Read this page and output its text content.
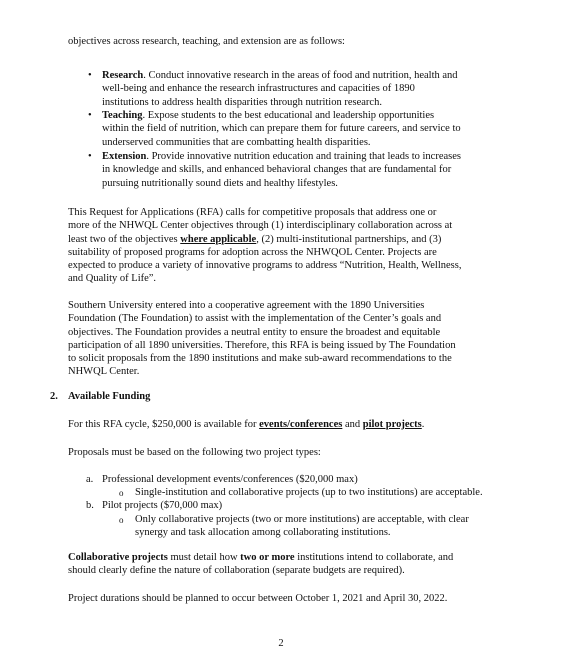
objectives across research, teaching, and extension are as follows:
• Research. Conduct innovative research in the areas of food and nutrition, health and
well-being and enhance the research infrastructures and capacities of 1890
institutions to address health disparities through nutrition research.
• Teaching. Expose students to the best educational and leadership opportunities
within the field of nutrition, which can prepare them for future careers, and service to
underserved communities that are combatting health disparities.
• Extension. Provide innovative nutrition education and training that leads to increases
in knowledge and skills, and enhanced behavioral changes that are fundamental for
pursuing nutritionally sound diets and healthy lifestyles.
This Request for Applications (RFA) calls for competitive proposals that address one or
more of the NHWQL Center objectives through (1) interdisciplinary collaboration across at
least two of the objectives where applicable, (2) multi-institutional partnerships, and (3)
suitability of proposed programs for adoption across the NHWQOL Center. Projects are
expected to produce a variety of innovative programs to address “Nutrition, Health, Wellness,
and Quality of Life”.
Southern University entered into a cooperative agreement with the 1890 Universities
Foundation (The Foundation) to assist with the implementation of the Center’s goals and
objectives. The Foundation provides a neutral entity to ensure the broadest and equitable
participation of all 1890 universities. Therefore, this RFA is being issued by The Foundation
to solicit proposals from the 1890 institutions and make sub-award recommendations to the
NHWQL Center.
2. Available Funding
For this RFA cycle, $250,000 is available for events/conferences and pilot projects.
Proposals must be based on the following two project types:
a. Professional development events/conferences ($20,000 max)
o Single-institution and collaborative projects (up to two institutions) are acceptable.
b. Pilot projects ($70,000 max)
o Only collaborative projects (two or more institutions) are acceptable, with clear
synergy and task allocation among collaborating institutions.
Collaborative projects must detail how two or more institutions intend to collaborate, and
should clearly define the nature of collaboration (separate budgets are required).
Project durations should be planned to occur between October 1, 2021 and April 30, 2022.
2
